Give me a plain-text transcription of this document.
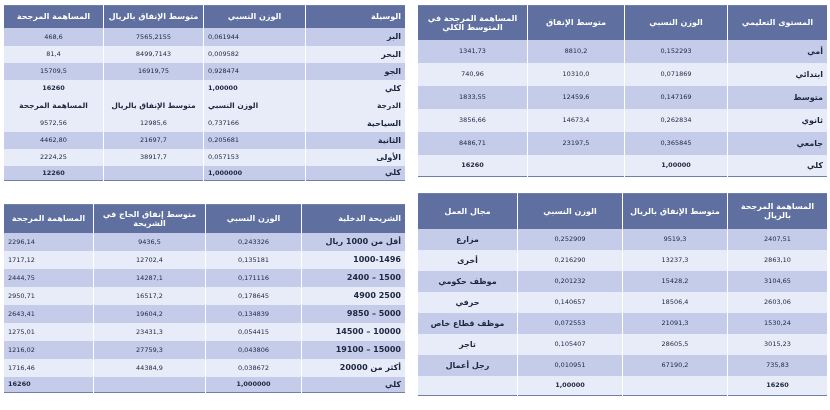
المساهمة المرجحة	متوسط الإنفاق بالريال	الوزن النسبي	الوسيلة
468,6	7565,2155	0,061944	البر
81,4	8499,7143	0,009582	البحر
15709,5	16919,75	0,928474	الجو
16260		1,00000	كلي
المساهمة المرجحة	متوسط الإنفاق بالريال	الوزن النسبي	الدرجة
9572,56	12985,6	0,737166	السياحية
4462,80	21697,7	0,205681	الثانية
2224,25	38917,7	0,057153	الأولى
12260		1,000000	كلي
المساهمة المرجحة في المتوسط الكلي	متوسط الإنفاق	الوزن النسبي	المستوى التعليمي
1341,73	8810,2	0,152293	أمي
740,96	10310,0	0,071869	ابتدائي
1833,55	12459,6	0,147169	متوسط
3856,66	14673,4	0,262834	ثانوي
8486,71	23197,5	0,365845	جامعي
16260		1,00000	كلي
المساهمة المرجحة	متوسط إنفاق الحاج في الشريحة	الوزن النسبي	الشريحة الدخلية
2296,14	9436,5	0,243326	أقل من 1000 ريال
1717,12	12702,4	0,135181	1000-1496
2444,75	14287,1	0,171116	1500 – 2400
2950,71	16517,2	0,178645	2500 4900
2643,41	19604,2	0,134839	5000 – 9850
1275,01	23431,3	0,054415	10000 – 14500
1216,02	27759,3	0,043806	15000 – 19100
1716,46	44384,9	0,038672	أكثر من 20000
16260		1,000000	كلي
مجال العمل	الوزن النسبي	متوسط الإنفاق بالريال	المساهمة المرجحة بالريال
مزارع	0,252909	9519,3	2407,51
أخرى	0,216290	13237,3	2863,10
موظف حكومي	0,201232	15428,2	3104,65
حرفي	0,140657	18506,4	2603,06
موظف قطاع خاص	0,072553	21091,3	1530,24
تاجر	0,105407	28605,5	3015,23
رجل أعمال	0,010951	67190,2	735,83
	1,00000		16260
